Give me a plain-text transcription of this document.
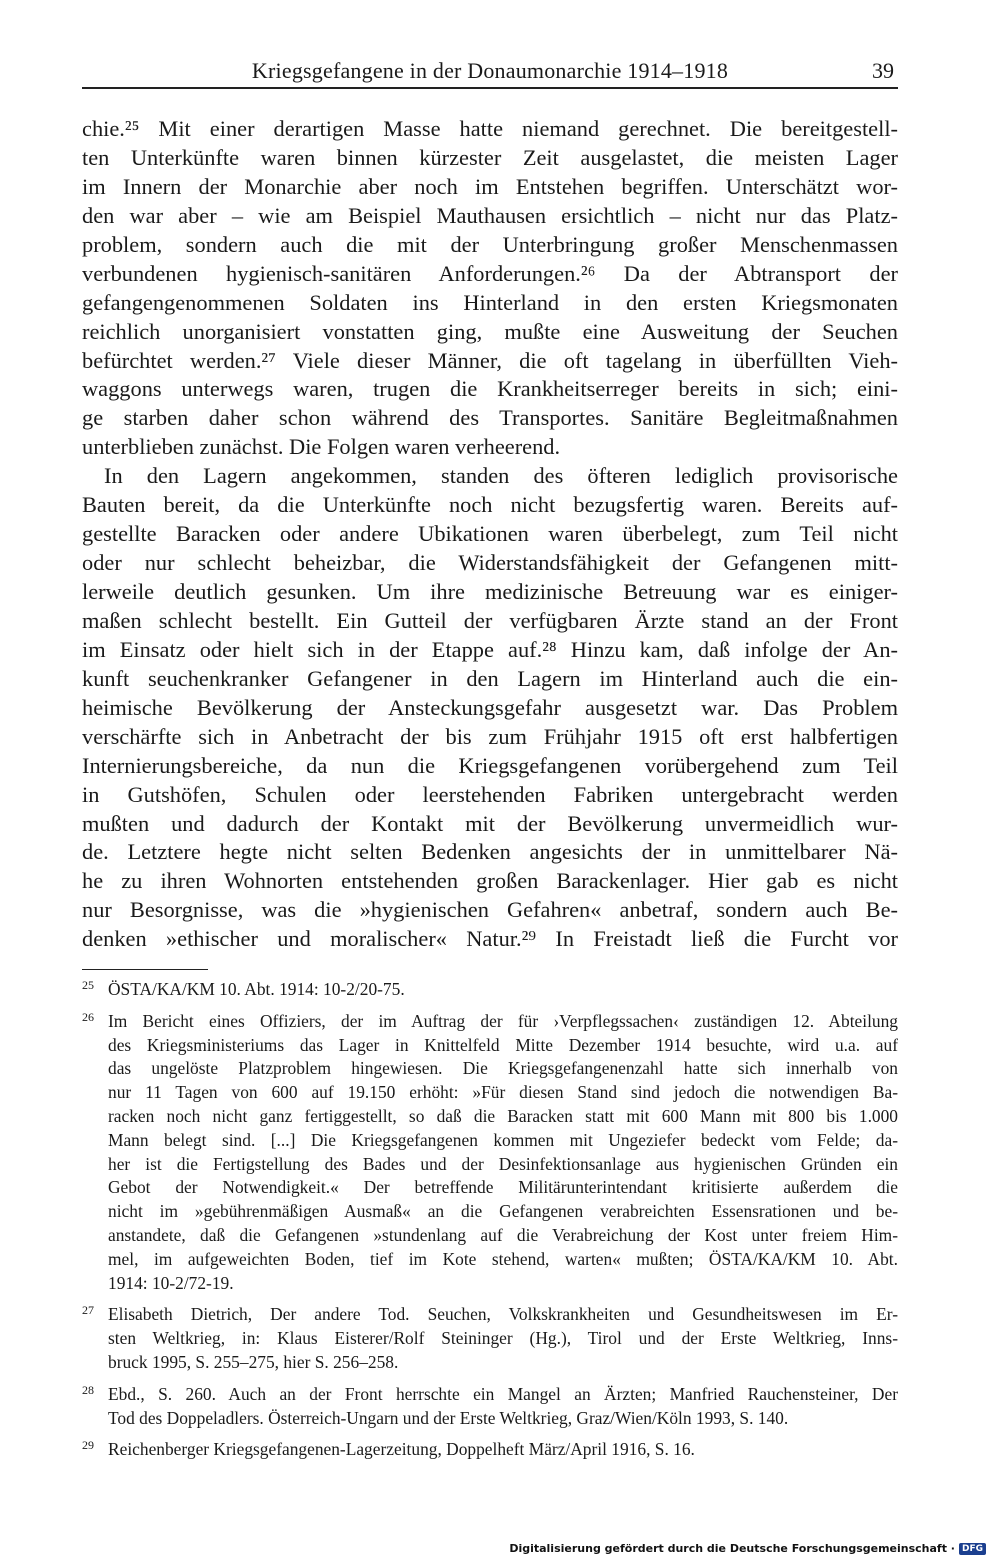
Kriegsgefangene in der Donaumonarchie 1914–1918	39
chie.²⁵ Mit einer derartigen Masse hatte niemand gerechnet. Die bereitgestell-
ten Unterkünfte waren binnen kürzester Zeit ausgelastet, die meisten Lager
im Innern der Monarchie aber noch im Entstehen begriffen. Unterschätzt wor-
den war aber – wie am Beispiel Mauthausen ersichtlich – nicht nur das Platz-
problem, sondern auch die mit der Unterbringung großer Menschenmassen
verbundenen hygienisch-sanitären Anforderungen.²⁶ Da der Abtransport der
gefangengenommenen Soldaten ins Hinterland in den ersten Kriegsmonaten
reichlich unorganisiert vonstatten ging, mußte eine Ausweitung der Seuchen
befürchtet werden.²⁷ Viele dieser Männer, die oft tagelang in überfüllten Vieh-
waggons unterwegs waren, trugen die Krankheitserreger bereits in sich; eini-
ge starben daher schon während des Transportes. Sanitäre Begleitmaßnahmen
unterblieben zunächst. Die Folgen waren verheerend.
In den Lagern angekommen, standen des öfteren lediglich provisorische
Bauten bereit, da die Unterkünfte noch nicht bezugsfertig waren. Bereits auf-
gestellte Baracken oder andere Ubikationen waren überbelegt, zum Teil nicht
oder nur schlecht beheizbar, die Widerstandsfähigkeit der Gefangenen mitt-
lerweile deutlich gesunken. Um ihre medizinische Betreuung war es einiger-
maßen schlecht bestellt. Ein Gutteil der verfügbaren Ärzte stand an der Front
im Einsatz oder hielt sich in der Etappe auf.²⁸ Hinzu kam, daß infolge der An-
kunft seuchenkranker Gefangener in den Lagern im Hinterland auch die ein-
heimische Bevölkerung der Ansteckungsgefahr ausgesetzt war. Das Problem
verschärfte sich in Anbetracht der bis zum Frühjahr 1915 oft erst halbfertigen
Internierungsbereiche, da nun die Kriegsgefangenen vorübergehend zum Teil
in Gutshöfen, Schulen oder leerstehenden Fabriken untergebracht werden
mußten und dadurch der Kontakt mit der Bevölkerung unvermeidlich wur-
de. Letztere hegte nicht selten Bedenken angesichts der in unmittelbarer Nä-
he zu ihren Wohnorten entstehenden großen Barackenlager. Hier gab es nicht
nur Besorgnisse, was die »hygienischen Gefahren« anbetraf, sondern auch Be-
denken »ethischer und moralischer« Natur.²⁹ In Freistadt ließ die Furcht vor
25 ÖSTA/KA/KM 10. Abt. 1914: 10-2/20-75.
26 Im Bericht eines Offiziers, der im Auftrag der für ›Verpflegssachen‹ zuständigen 12. Abteilung
des Kriegsministeriums das Lager in Knittelfeld Mitte Dezember 1914 besuchte, wird u.a. auf
das ungelöste Platzproblem hingewiesen. Die Kriegsgefangenenzahl hatte sich innerhalb von
nur 11 Tagen von 600 auf 19.150 erhöht: »Für diesen Stand sind jedoch die notwendigen Ba-
racken noch nicht ganz fertiggestellt, so daß die Baracken statt mit 600 Mann mit 800 bis 1.000
Mann belegt sind. [...] Die Kriegsgefangenen kommen mit Ungeziefer bedeckt vom Felde; da-
her ist die Fertigstellung des Bades und der Desinfektionsanlage aus hygienischen Gründen ein
Gebot der Notwendigkeit.« Der betreffende Militärunterintendant kritisierte außerdem die
nicht im »gebührenmäßigen Ausmaß« an die Gefangenen verabreichten Essensrationen und be-
anstandete, daß die Gefangenen »stundenlang auf die Verabreichung der Kost unter freiem Him-
mel, im aufgeweichten Boden, tief im Kote stehend, warten« mußten; ÖSTA/KA/KM 10. Abt.
1914: 10-2/72-19.
27 Elisabeth Dietrich, Der andere Tod. Seuchen, Volkskrankheiten und Gesundheitswesen im Er-
sten Weltkrieg, in: Klaus Eisterer/Rolf Steininger (Hg.), Tirol und der Erste Weltkrieg, Inns-
bruck 1995, S. 255–275, hier S. 256–258.
28 Ebd., S. 260. Auch an der Front herrschte ein Mangel an Ärzten; Manfried Rauchensteiner, Der
Tod des Doppeladlers. Österreich-Ungarn und der Erste Weltkrieg, Graz/Wien/Köln 1993, S. 140.
29 Reichenberger Kriegsgefangenen-Lagerzeitung, Doppelheft März/April 1916, S. 16.
Digitalisierung gefördert durch die Deutsche Forschungsgemeinschaft · DFG
